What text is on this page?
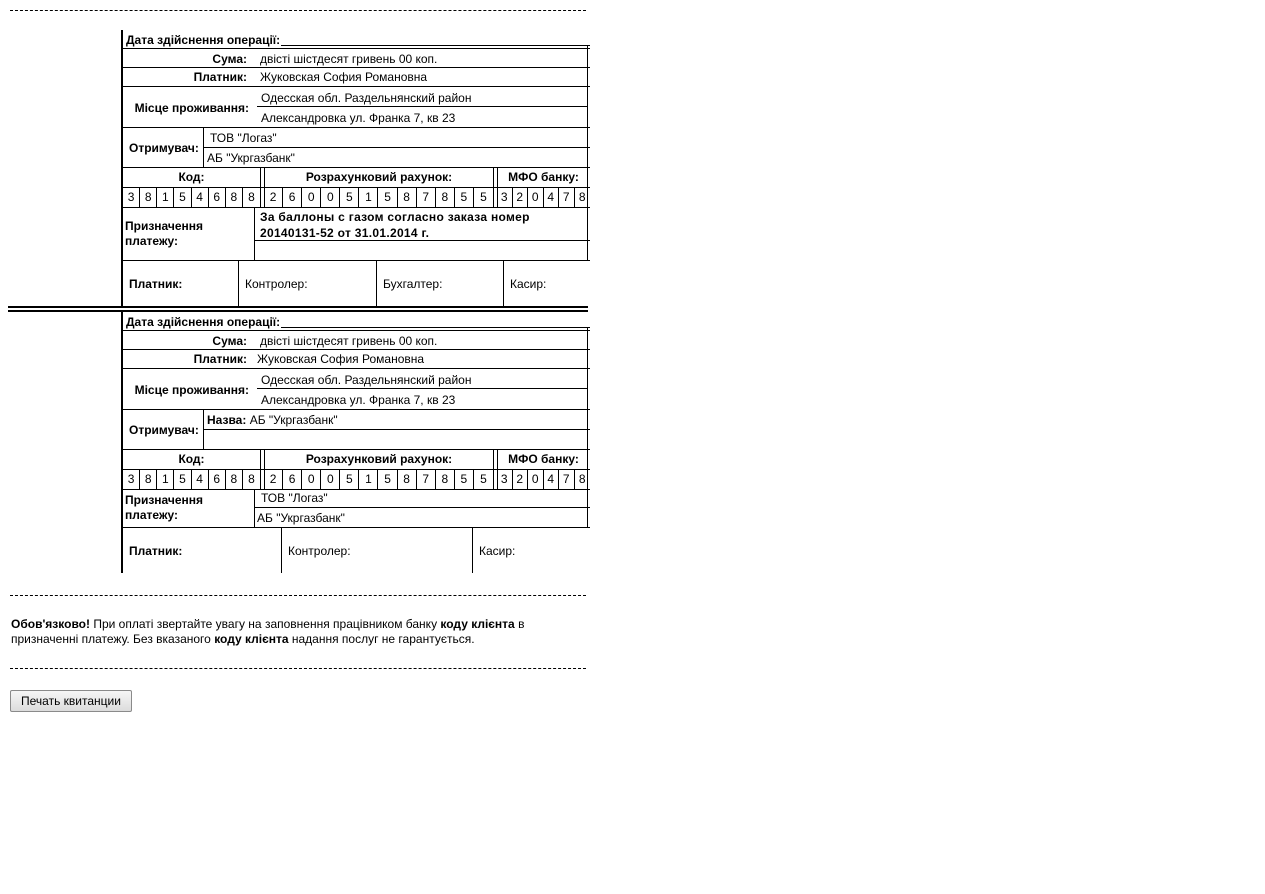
Дата здійснення операції:
Сума:	двісті шістдесят гривень 00 коп.
Платник:	Жуковская София Романовна
Місце проживання:
Одесская обл. Раздельнянский район
Александровка ул. Франка 7, кв 23
Отримувач:
ТОВ "Логаз"
АБ "Укргазбанк"
Код:	Розрахунковий рахунок:	МФО банку:
3 8 1 5 4 6 8 8	2	6	0	0	5	1	5	8	7	8	5	5	3 2 0 4 7 8
Призначення платежу:
За баллоны с газом согласно заказа номер 20140131-52 от 31.01.2014 г.
Платник:	Контролер:	Бухгалтер:	Касир:
Дата здійснення операції:
Сума:	двісті шістдесят гривень 00 коп.
Платник: Жуковская София Романовна
Місце проживання:
Одесская обл. Раздельнянский район
Александровка ул. Франка 7, кв 23
Отримувач:
Назва: АБ "Укргазбанк"
Код:	Розрахунковий рахунок:	МФО банку:
3 8 1 5 4 6 8 8	2	6	0	0	5	1	5	8	7	8	5	5	3 2 0 4 7 8
Призначення платежу:
ТОВ "Логаз"
АБ "Укргазбанк"
Платник:	Контролер:	Касир:
Обов'язково! При оплаті звертайте увагу на заповнення працівником банку коду клієнта в призначенні платежу. Без вказаного коду клієнта надання послуг не гарантується.
Печать квитанции
